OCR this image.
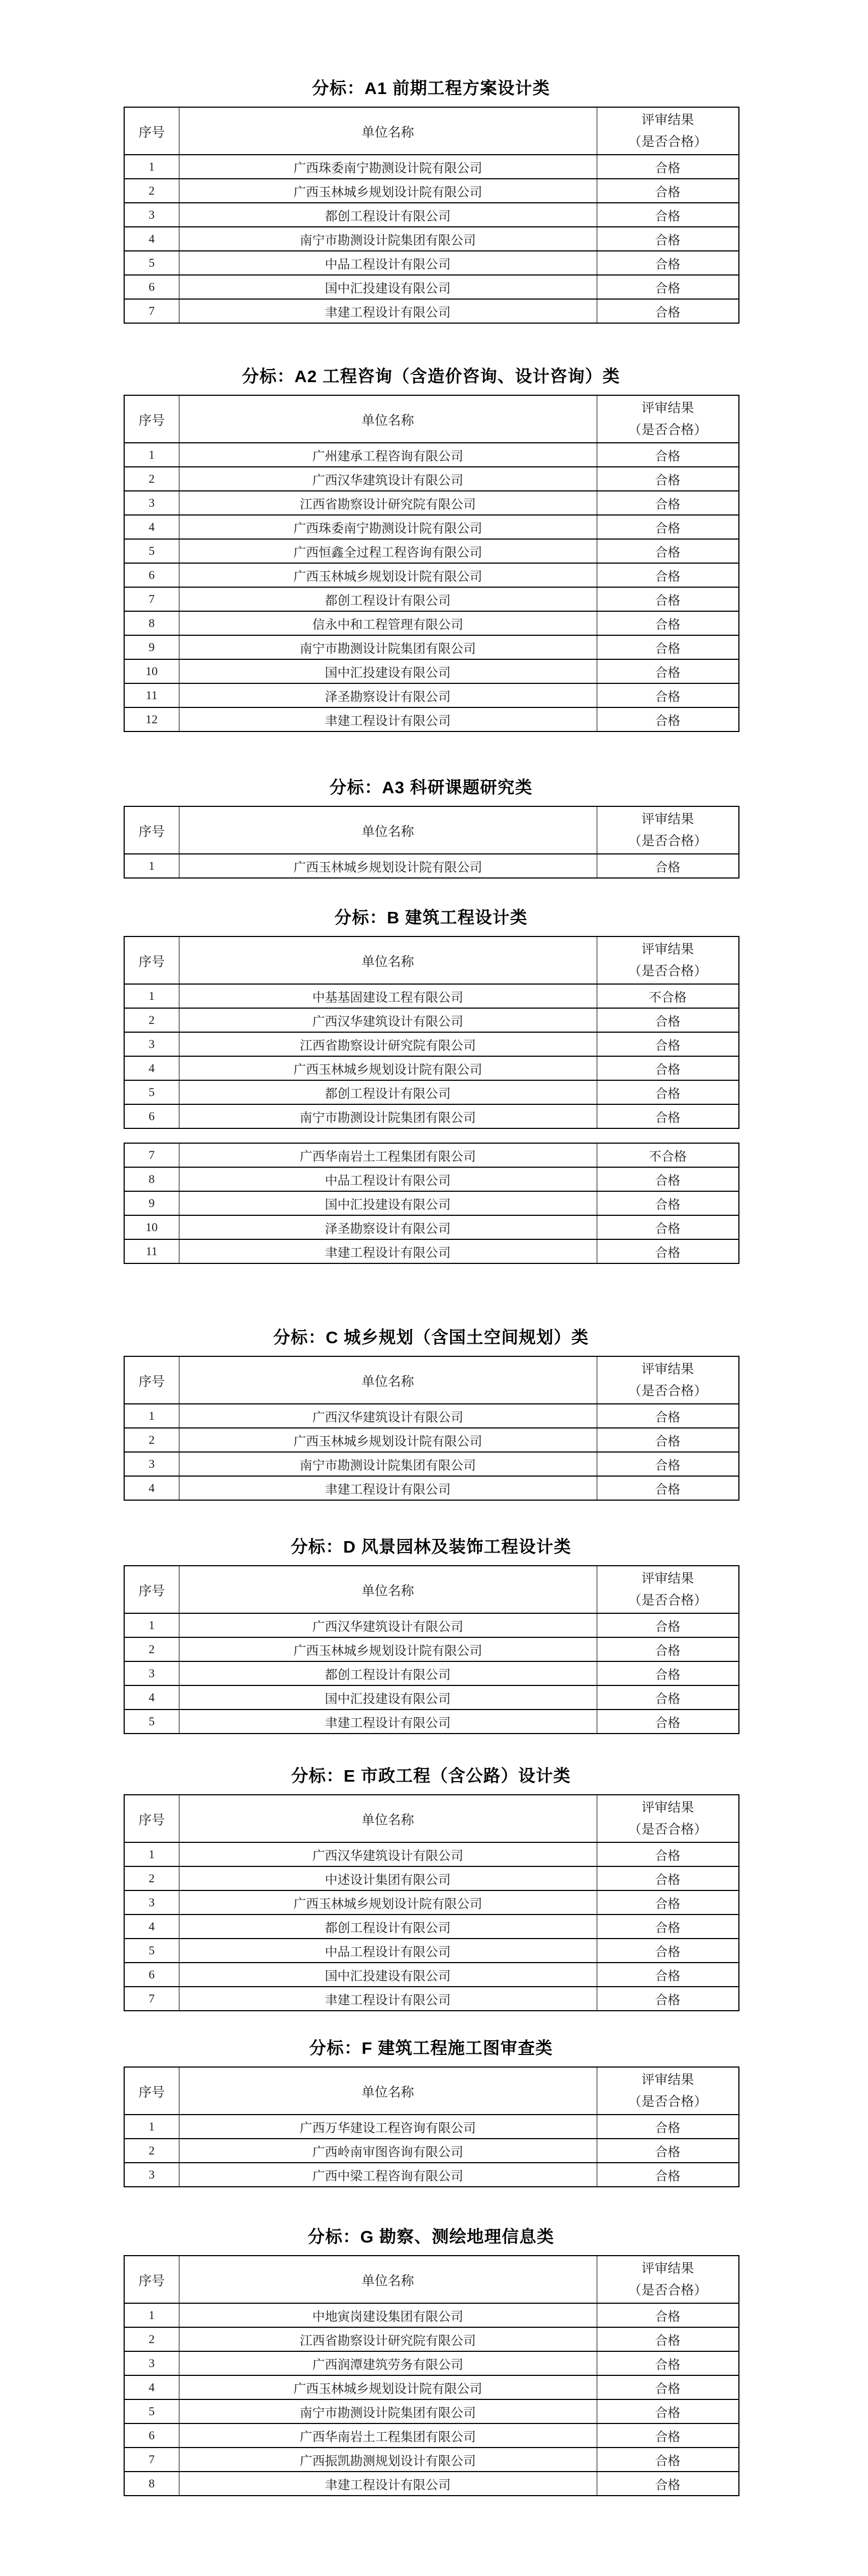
分标：A1 前期工程方案设计类
序号	单位名称	评审结果
（是否合格）

1	广西珠委南宁勘测设计院有限公司	合格
2	广西玉林城乡规划设计院有限公司	合格
3	都创工程设计有限公司	合格
4	南宁市勘测设计院集团有限公司	合格
5	中品工程设计有限公司	合格
6	国中汇投建设有限公司	合格
7	聿建工程设计有限公司	合格
分标：A2 工程咨询（含造价咨询、设计咨询）类
序号	单位名称	评审结果
（是否合格）

1	广州建承工程咨询有限公司	合格
2	广西汉华建筑设计有限公司	合格
3	江西省勘察设计研究院有限公司	合格
4	广西珠委南宁勘测设计院有限公司	合格
5	广西恒鑫全过程工程咨询有限公司	合格
6	广西玉林城乡规划设计院有限公司	合格
7	都创工程设计有限公司	合格
8	信永中和工程管理有限公司	合格
9	南宁市勘测设计院集团有限公司	合格
10	国中汇投建设有限公司	合格
11	泽圣勘察设计有限公司	合格
12	聿建工程设计有限公司	合格
分标：A3 科研课题研究类
序号	单位名称	评审结果
（是否合格）

1	广西玉林城乡规划设计院有限公司	合格
分标：B 建筑工程设计类
序号	单位名称	评审结果
（是否合格）

1	中基基固建设工程有限公司	不合格
2	广西汉华建筑设计有限公司	合格
3	江西省勘察设计研究院有限公司	合格
4	广西玉林城乡规划设计院有限公司	合格
5	都创工程设计有限公司	合格
6	南宁市勘测设计院集团有限公司	合格
7	广西华南岩土工程集团有限公司	不合格
8	中品工程设计有限公司	合格
9	国中汇投建设有限公司	合格
10	泽圣勘察设计有限公司	合格
11	聿建工程设计有限公司	合格
分标：C 城乡规划（含国土空间规划）类
序号	单位名称	评审结果
（是否合格）

1	广西汉华建筑设计有限公司	合格
2	广西玉林城乡规划设计院有限公司	合格
3	南宁市勘测设计院集团有限公司	合格
4	聿建工程设计有限公司	合格
分标：D 风景园林及装饰工程设计类
序号	单位名称	评审结果
（是否合格）

1	广西汉华建筑设计有限公司	合格
2	广西玉林城乡规划设计院有限公司	合格
3	都创工程设计有限公司	合格
4	国中汇投建设有限公司	合格
5	聿建工程设计有限公司	合格
分标：E 市政工程（含公路）设计类
序号	单位名称	评审结果
（是否合格）

1	广西汉华建筑设计有限公司	合格
2	中述设计集团有限公司	合格
3	广西玉林城乡规划设计院有限公司	合格
4	都创工程设计有限公司	合格
5	中品工程设计有限公司	合格
6	国中汇投建设有限公司	合格
7	聿建工程设计有限公司	合格
分标：F 建筑工程施工图审查类
序号	单位名称	评审结果
（是否合格）

1	广西万华建设工程咨询有限公司	合格
2	广西岭南审图咨询有限公司	合格
3	广西中梁工程咨询有限公司	合格
分标：G 勘察、测绘地理信息类
序号	单位名称	评审结果
（是否合格）

1	中地寅岗建设集团有限公司	合格
2	江西省勘察设计研究院有限公司	合格
3	广西润潭建筑劳务有限公司	合格
4	广西玉林城乡规划设计院有限公司	合格
5	南宁市勘测设计院集团有限公司	合格
6	广西华南岩土工程集团有限公司	合格
7	广西振凯勘测规划设计有限公司	合格
8	聿建工程设计有限公司	合格
